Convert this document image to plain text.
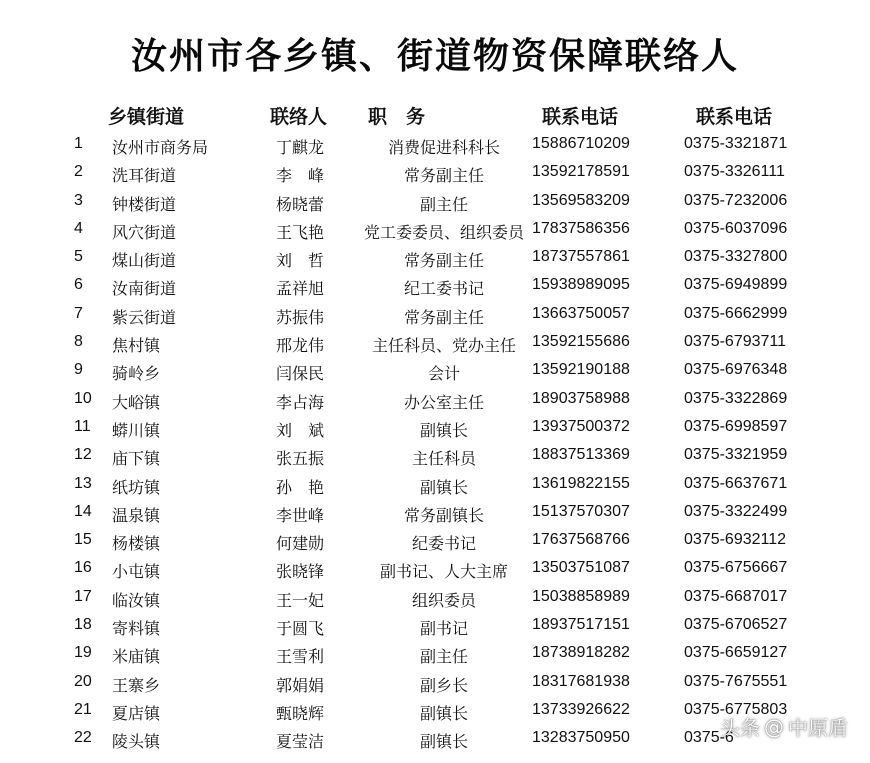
汝州市各乡镇、街道物资保障联络人
乡镇街道	联络人 职　务	联系电话	联系电话
1 汝州市商务局	丁麒龙	消费促进科科长	15886710209	0375-3321871
2 洗耳街道	李　峰	常务副主任	13592178591	0375-3326111
3 钟楼街道	杨晓蕾	副主任	13569583209	0375-7232006
4 风穴街道	王飞艳	党工委委员、组织委员 17837586356	0375-6037096
5 煤山街道	刘　哲	常务副主任	18737557861	0375-3327800
6 汝南街道	孟祥旭	纪工委书记	15938989095	0375-6949899
7 紫云街道	苏振伟	常务副主任	13663750057	0375-6662999
8 焦村镇	邢龙伟	主任科员、党办主任	13592155686	0375-6793711
9 骑岭乡	闫保民	会计	13592190188	0375-6976348
10 大峪镇	李占海	办公室主任	18903758988	0375-3322869
11 蟒川镇	刘　斌	副镇长	13937500372	0375-6998597
12 庙下镇	张五振	主任科员	18837513369	0375-3321959
13 纸坊镇	孙　艳	副镇长	13619822155	0375-6637671
14 温泉镇	李世峰	常务副镇长	15137570307	0375-3322499
15 杨楼镇	何建勋	纪委书记	17637568766	0375-6932112
16 小屯镇	张晓锋	副书记、人大主席	13503751087	0375-6756667
17 临汝镇	王一妃	组织委员	15038858989	0375-6687017
18 寄料镇	于圆飞	副书记	18937517151	0375-6706527
19 米庙镇	王雪利	副主任	18738918282	0375-6659127
20 王寨乡	郭娟娟	副乡长	18317681938	0375-7675551
21 夏店镇	甄晓辉	副镇长	13733926622	0375-6775803
22 陵头镇	夏莹洁	副镇长	13283750950	0375-6
头条 @ 中原盾
